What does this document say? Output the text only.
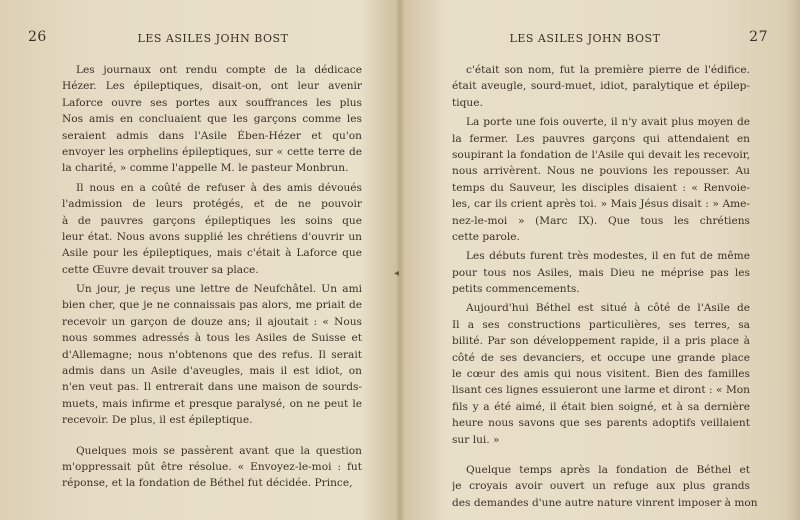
26	LES ASILES JOHN BOST
Les journaux ont rendu compte de la dédicace
Hézer. Les épileptiques, disait-on, ont leur avenir
Laforce ouvre ses portes aux souffrances les plus
Nos amis en concluaient que les garçons comme les
seraient admis dans l'Asile Ében-Hézer et qu'on
envoyer les orphelins épileptiques, sur « cette terre de
la charité, » comme l'appelle M. le pasteur Monbrun.
Il nous en a coûté de refuser à des amis dévoués
l'admission de leurs protégés, et de ne pouvoir
à de pauvres garçons épileptiques les soins que
leur état. Nous avons supplié les chrétiens d'ouvrir un
Asile pour les épileptiques, mais c'était à Laforce que
cette Œuvre devait trouver sa place.
Un jour, je reçus une lettre de Neufchâtel. Un ami
bien cher, que je ne connaissais pas alors, me priait de
recevoir un garçon de douze ans; il ajoutait : « Nous
nous sommes adressés à tous les Asiles de Suisse et
d'Allemagne; nous n'obtenons que des refus. Il serait
admis dans un Asile d'aveugles, mais il est idiot, on
n'en veut pas. Il entrerait dans une maison de sourds-
muets, mais infirme et presque paralysé, on ne peut le
recevoir. De plus, il est épileptique.
Quelques mois se passèrent avant que la question
m'oppressait pût être résolue. « Envoyez-le-moi : fut
réponse, et la fondation de Béthel fut décidée. Prince,
◂
LES ASILES JOHN BOST	27
c'était son nom, fut la première pierre de l'édifice.
était aveugle, sourd-muet, idiot, paralytique et épilep-
tique.
La porte une fois ouverte, il n'y avait plus moyen de
la fermer. Les pauvres garçons qui attendaient en
soupirant la fondation de l'Asile qui devait les recevoir,
nous arrivèrent. Nous ne pouvions les repousser. Au
temps du Sauveur, les disciples disaient : « Renvoie-
les, car ils crient après toi. » Mais Jésus disait : » Ame-
nez-le-moi » (Marc IX). Que tous les chrétiens
cette parole.
Les débuts furent très modestes, il en fut de même
pour tous nos Asiles, mais Dieu ne méprise pas les
petits commencements.
Aujourd'hui Béthel est situé à côté de l'Asile de
Il a ses constructions particulières, ses terres, sa
bilité. Par son développement rapide, il a pris place à
côté de ses devanciers, et occupe une grande place
le cœur des amis qui nous visitent. Bien des familles
lisant ces lignes essuieront une larme et diront : « Mon
fils y a été aimé, il était bien soigné, et à sa dernière
heure nous savons que ses parents adoptifs veillaient
sur lui. »
Quelque temps après la fondation de Béthel et
je croyais avoir ouvert un refuge aux plus grands
des demandes d'une autre nature vinrent imposer à mon
